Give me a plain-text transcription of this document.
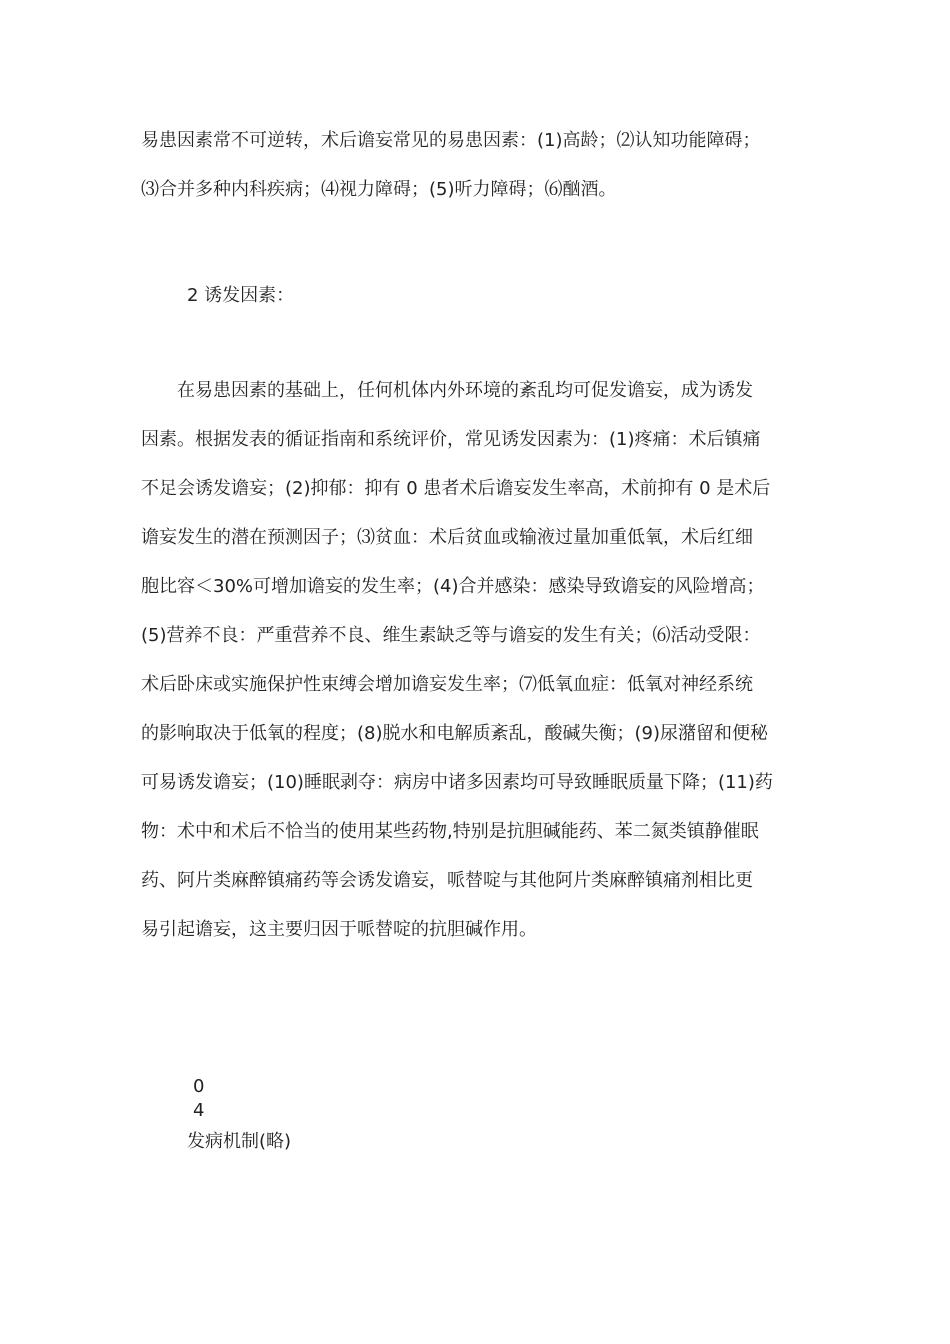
易患因素常不可逆转，术后谵妄常见的易患因素：(1)高龄；⑵认知功能障碍；
⑶合并多种内科疾病；⑷视力障碍；(5)听力障碍；⑹酗酒。

2 诱发因素：

　　在易患因素的基础上，任何机体内外环境的紊乱均可促发谵妄，成为诱发
因素。根据发表的循证指南和系统评价，常见诱发因素为：(1)疼痛：术后镇痛
不足会诱发谵妄；(2)抑郁：抑有 0 患者术后谵妄发生率高，术前抑有 0 是术后
谵妄发生的潜在预测因子；⑶贫血：术后贫血或输液过量加重低氧，术后红细
胞比容＜30%可增加谵妄的发生率；(4)合并感染：感染导致谵妄的风险增高；
(5)营养不良：严重营养不良、维生素缺乏等与谵妄的发生有关；⑹活动受限：
术后卧床或实施保护性束缚会增加谵妄发生率；⑺低氧血症：低氧对神经系统
的影响取决于低氧的程度；(8)脱水和电解质紊乱，酸碱失衡；(9)尿潴留和便秘
可易诱发谵妄；(10)睡眠剥夺：病房中诸多因素均可导致睡眠质量下降；(11)药
物：术中和术后不恰当的使用某些药物,特别是抗胆碱能药、苯二氮类镇静催眠
药、阿片类麻醉镇痛药等会诱发谵妄，哌替啶与其他阿片类麻醉镇痛剂相比更
易引起谵妄，这主要归因于哌替啶的抗胆碱作用。

0
4
发病机制(略)
